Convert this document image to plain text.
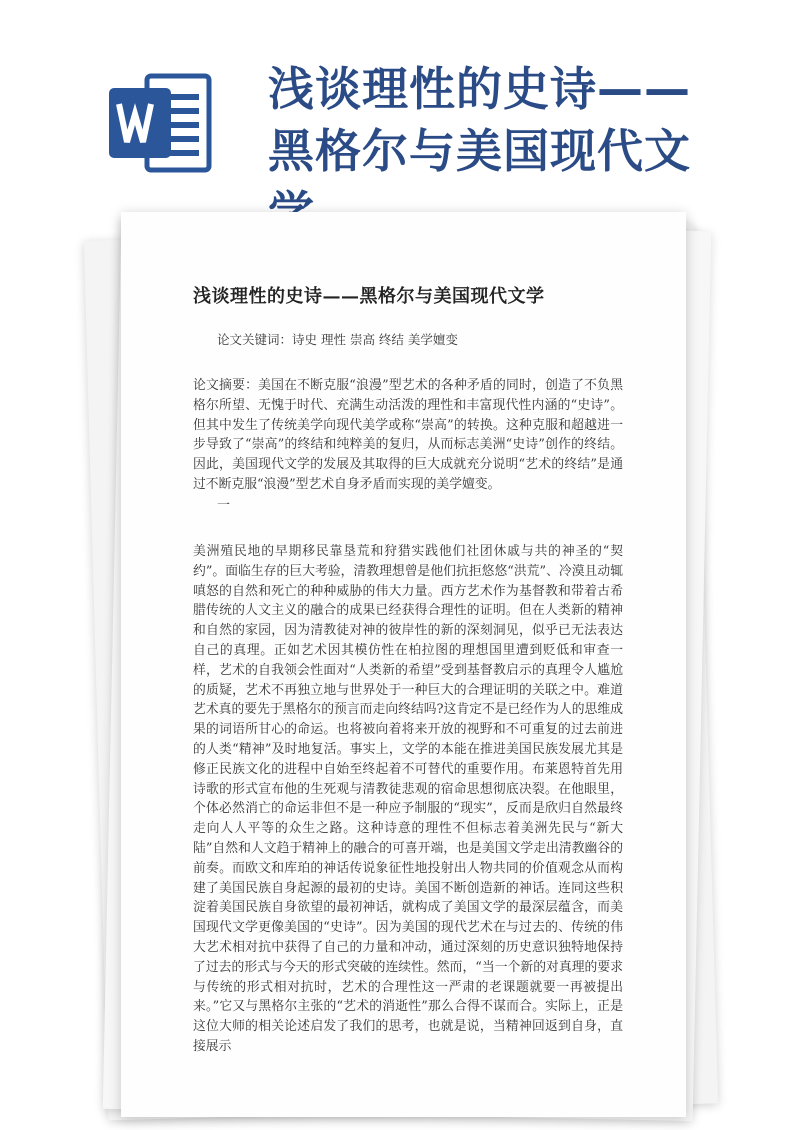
浅谈理性的史诗——黑格尔与美国现代文
浅谈理性的史诗——黑格尔与美国现代文学
论文关键词：诗史 理性 崇高 终结 美学嬗变
论文摘要：美国在不断克服“浪漫”型艺术的各种矛盾的同时，创造了不负黑格尔所望、无愧于时代、充满生动活泼的理性和丰富现代性内涵的“史诗”。但其中发生了传统美学向现代美学或称“崇高”的转换。这种克服和超越进一步导致了“崇高”的终结和纯粹美的复归，从而标志美洲“史诗”创作的终结。因此，美国现代文学的发展及其取得的巨大成就充分说明“艺术的终结”是通过不断克服“浪漫”型艺术自身矛盾而实现的美学嬗变。
一
美洲殖民地的早期移民靠垦荒和狩猎实践他们社团休戚与共的神圣的“契约”。面临生存的巨大考验，清教理想曾是他们抗拒悠悠“洪荒”、冷漠且动辄嗔怒的自然和死亡的种种威胁的伟大力量。西方艺术作为基督教和带着古希腊传统的人文主义的融合的成果已经获得合理性的证明。但在人类新的精神和自然的家园，因为清教徒对神的彼岸性的新的深刻洞见，似乎已无法表达自己的真理。正如艺术因其模仿性在柏拉图的理想国里遭到贬低和审查一样，艺术的自我领会性面对“人类新的希望”受到基督教启示的真理令人尴尬的质疑，艺术不再独立地与世界处于一种巨大的合理证明的关联之中。难道艺术真的要先于黑格尔的预言而走向终结吗?这肯定不是已经作为人的思维成果的词语所甘心的命运。也将被向着将来开放的视野和不可重复的过去前进的人类“精神”及时地复活。事实上，文学的本能在推进美国民族发展尤其是修正民族文化的进程中自始至终起着不可替代的重要作用。布莱恩特首先用诗歌的形式宣布他的生死观与清教徒悲观的宿命思想彻底决裂。在他眼里，个体必然消亡的命运非但不是一种应予制服的“现实”，反而是欣归自然最终走向人人平等的众生之路。这种诗意的理性不但标志着美洲先民与“新大陆”自然和人文趋于精神上的融合的可喜开端，也是美国文学走出清教幽谷的前奏。而欧文和库珀的神话传说象征性地投射出人物共同的价值观念从而构建了美国民族自身起源的最初的史诗。美国不断创造新的神话。连同这些积淀着美国民族自身欲望的最初神话，就构成了美国文学的最深层蕴含，而美国现代文学更像美国的“史诗”。因为美国的现代艺术在与过去的、传统的伟大艺术相对抗中获得了自己的力量和冲动，通过深刻的历史意识独特地保持了过去的形式与今天的形式突破的连续性。然而，“当一个新的对真理的要求与传统的形式相对抗时，艺术的合理性这一严肃的老课题就要一再被提出来。”它又与黑格尔主张的“艺术的消逝性”那么合得不谋而合。实际上，正是这位大师的相关论述启发了我们的思考，也就是说，当精神回返到自身，直接展示
